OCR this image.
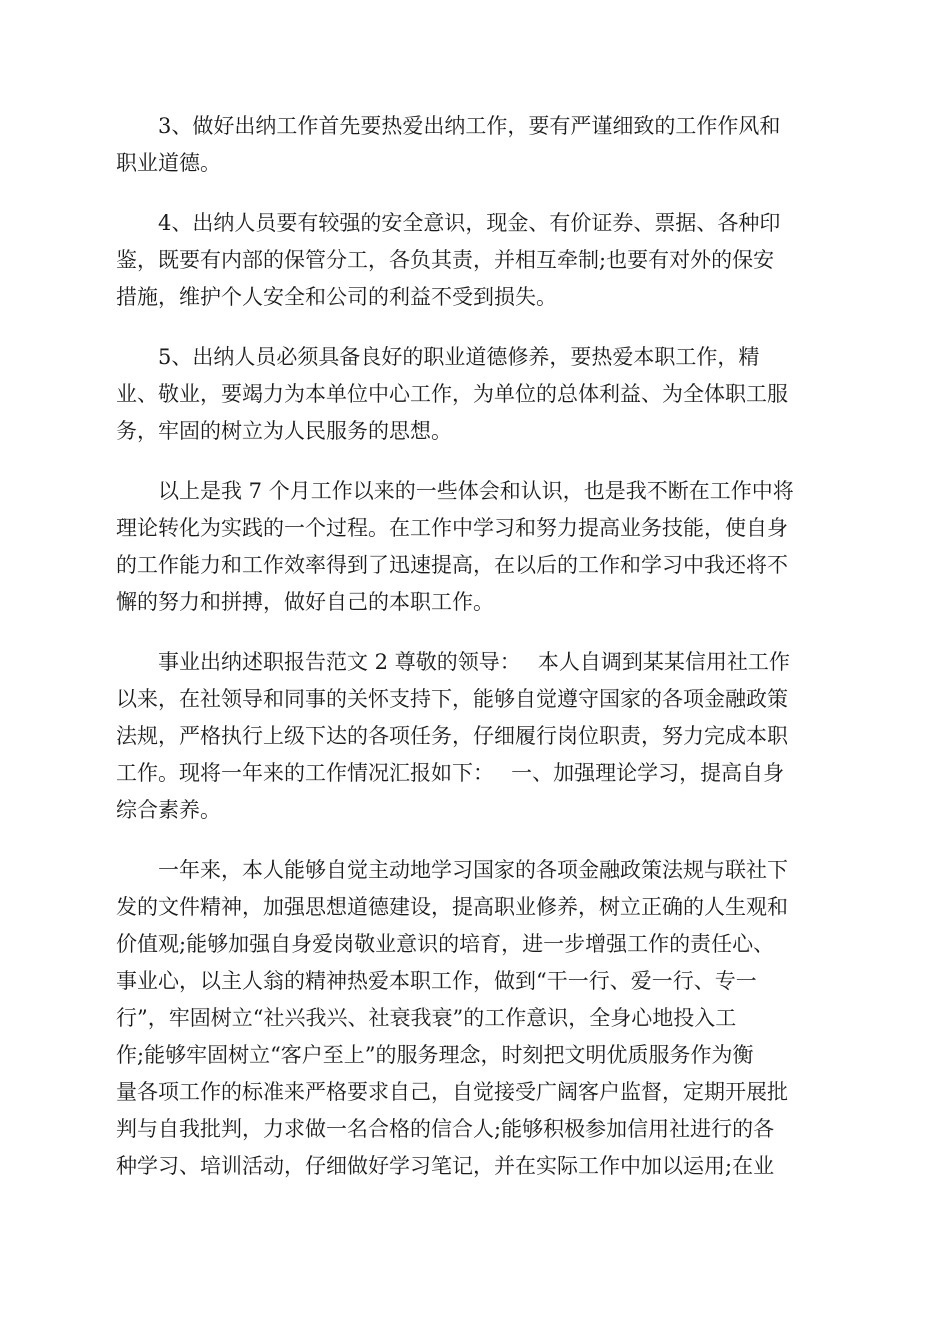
3、做好出纳工作首先要热爱出纳工作，要有严谨细致的工作作风和
职业道德。

4、出纳人员要有较强的安全意识，现金、有价证券、票据、各种印
鉴，既要有内部的保管分工，各负其责，并相互牵制;也要有对外的保安
措施，维护个人安全和公司的利益不受到损失。

5、出纳人员必须具备良好的职业道德修养，要热爱本职工作，精
业、敬业，要竭力为本单位中心工作，为单位的总体利益、为全体职工服
务，牢固的树立为人民服务的思想。

以上是我 7 个月工作以来的一些体会和认识，也是我不断在工作中将
理论转化为实践的一个过程。在工作中学习和努力提高业务技能，使自身
的工作能力和工作效率得到了迅速提高，在以后的工作和学习中我还将不
懈的努力和拼搏，做好自己的本职工作。

事业出纳述职报告范文 2 尊敬的领导：　 本人自调到某某信用社工作
以来，在社领导和同事的关怀支持下，能够自觉遵守国家的各项金融政策
法规，严格执行上级下达的各项任务，仔细履行岗位职责，努力完成本职
工作。现将一年来的工作情况汇报如下：　 一、加强理论学习，提高自身
综合素养。

一年来，本人能够自觉主动地学习国家的各项金融政策法规与联社下
发的文件精神，加强思想道德建设，提高职业修养，树立正确的人生观和
价值观;能够加强自身爱岗敬业意识的培育，进一步增强工作的责任心、
事业心，以主人翁的精神热爱本职工作，做到“干一行、爱一行、专一
行”，牢固树立“社兴我兴、社衰我衰”的工作意识，全身心地投入工
作;能够牢固树立“客户至上”的服务理念，时刻把文明优质服务作为衡
量各项工作的标准来严格要求自己，自觉接受广阔客户监督，定期开展批
判与自我批判，力求做一名合格的信合人;能够积极参加信用社进行的各
种学习、培训活动，仔细做好学习笔记，并在实际工作中加以运用;在业
